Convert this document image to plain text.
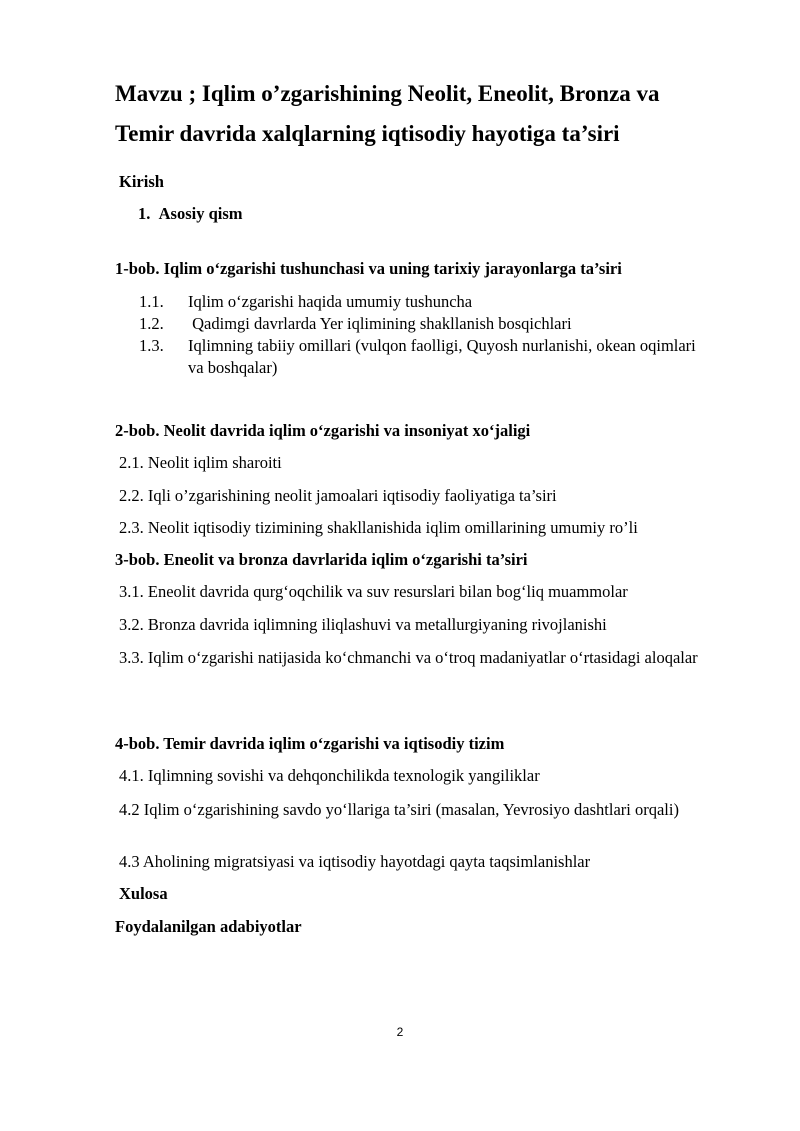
Mavzu ; Iqlim o’zgarishining Neolit, Eneolit, Bronza va
Temir davrida xalqlarning iqtisodiy hayotiga ta’siri

Kirish

1. Asosiy qism

1-bob. Iqlim o‘zgarishi tushunchasi va uning tarixiy jarayonlarga ta’siri

1.1. Iqlim o‘zgarishi haqida umumiy tushuncha
1.2. Qadimgi davrlarda Yer iqlimining shakllanish bosqichlari
1.3. Iqlimning tabiiy omillari (vulqon faolligi, Quyosh nurlanishi, okean oqimlari va boshqalar)

2-bob. Neolit davrida iqlim o‘zgarishi va insoniyat xo‘jaligi

2.1. Neolit iqlim sharoiti

2.2. Iqli o’zgarishining neolit jamoalari iqtisodiy faoliyatiga ta’siri

2.3. Neolit iqtisodiy tizimining shakllanishida iqlim omillarining umumiy ro’li

3-bob. Eneolit va bronza davrlarida iqlim o‘zgarishi ta’siri

3.1. Eneolit davrida qurg‘oqchilik va suv resurslari bilan bog‘liq muammolar

3.2. Bronza davrida iqlimning iliqlashuvi va metallurgiyaning rivojlanishi

3.3. Iqlim o‘zgarishi natijasida ko‘chmanchi va o‘troq madaniyatlar o‘rtasidagi aloqalar

4-bob. Temir davrida iqlim o‘zgarishi va iqtisodiy tizim

4.1. Iqlimning sovishi va dehqonchilikda texnologik yangiliklar

4.2 Iqlim o‘zgarishining savdo yo‘llariga ta’siri (masalan, Yevrosiyo dashtlari orqali)

4.3 Aholining migratsiyasi va iqtisodiy hayotdagi qayta taqsimlanishlar

Xulosa

Foydalanilgan adabiyotlar

2
